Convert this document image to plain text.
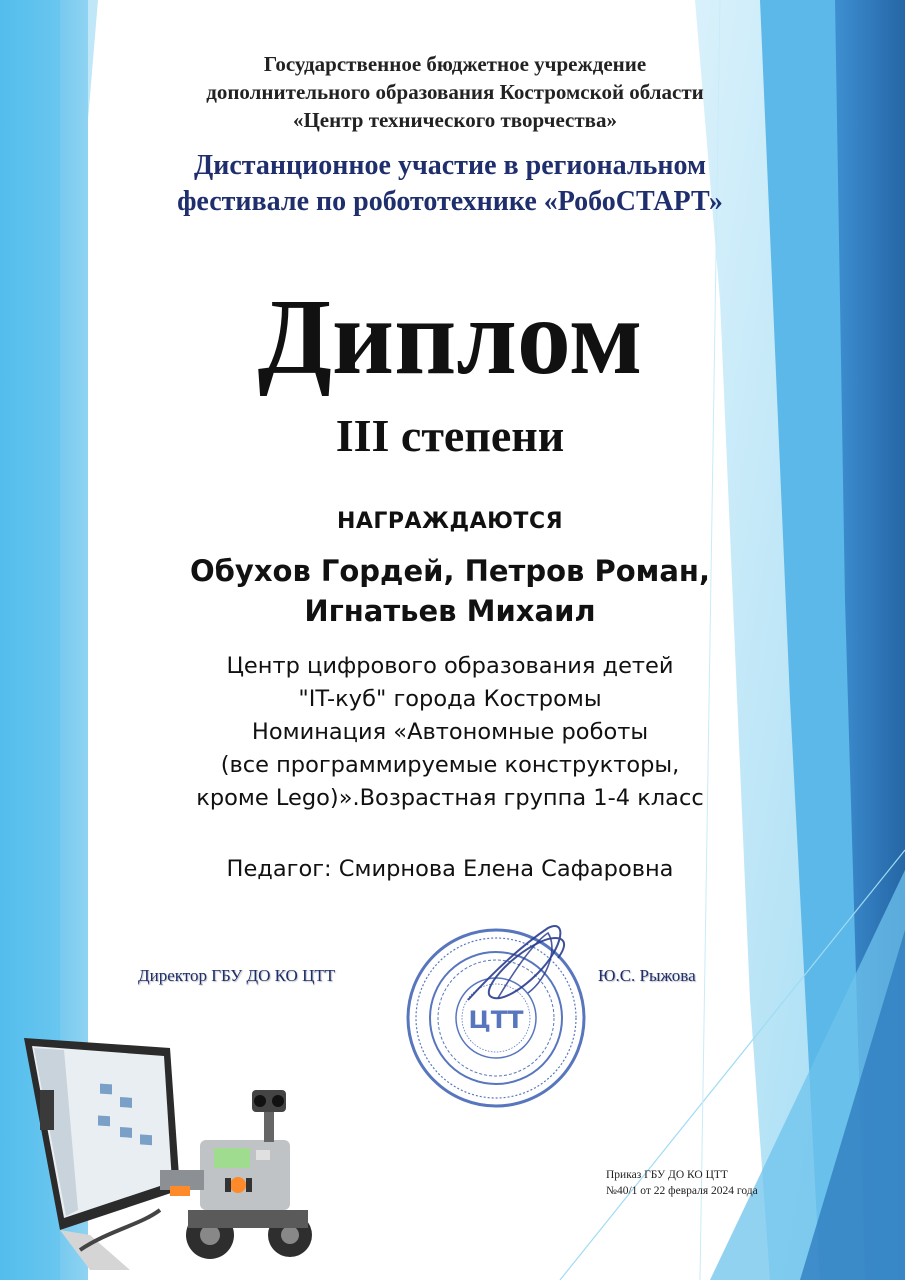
Государственное бюджетное учреждение
дополнительного образования Костромской области
«Центр технического творчества»
Дистанционное участие в региональном
фестивале по робототехнике «РобоСТАРТ»
Диплом
III степени
НАГРАЖДАЮТСЯ
Обухов Гордей, Петров Роман,
Игнатьев Михаил
Центр цифрового образования детей
"IT-куб" города Костромы
Номинация «Автономные роботы
(все программируемые конструкторы,
кроме Lego)».Возрастная группа 1-4 класс
Педагог: Смирнова Елена Сафаровна
ЦТТ
Директор ГБУ ДО КО ЦТТ	Ю.С. Рыжова
Приказ ГБУ ДО КО ЦТТ
№40/1 от 22 февраля 2024 года
